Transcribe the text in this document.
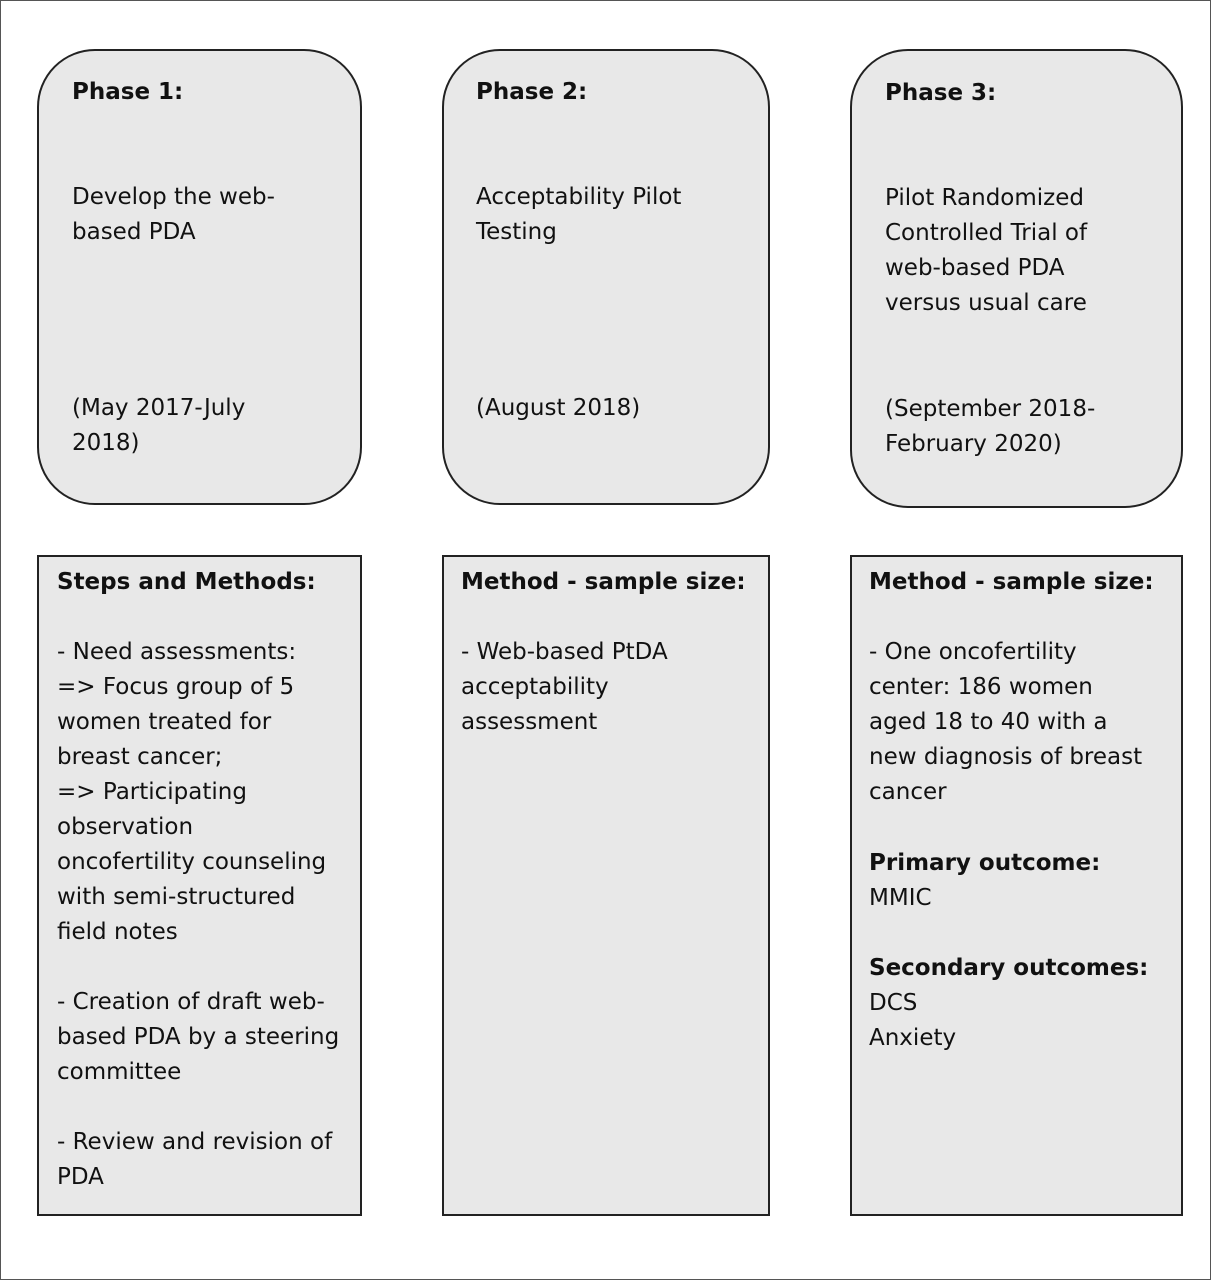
Phase 1:
Develop the web-
based PDA
(May 2017-July
2018)
Phase 2:
Acceptability Pilot
Testing
(August 2018)
Phase 3:
Pilot Randomized
Controlled Trial of
web-based PDA
versus usual care
(September 2018-
February 2020)
Steps and Methods:
- Need assessments:
=> Focus group of 5
women treated for
breast cancer;
=> Participating
observation
oncofertility counseling
with semi-structured
field notes
- Creation of draft web-
based PDA by a steering
committee
- Review and revision of
PDA
Method - sample size:
- Web-based PtDA
acceptability
assessment
Method - sample size:
- One oncofertility
center: 186 women
aged 18 to 40 with a
new diagnosis of breast
cancer
Primary outcome:
MMIC
Secondary outcomes:
DCS
Anxiety
